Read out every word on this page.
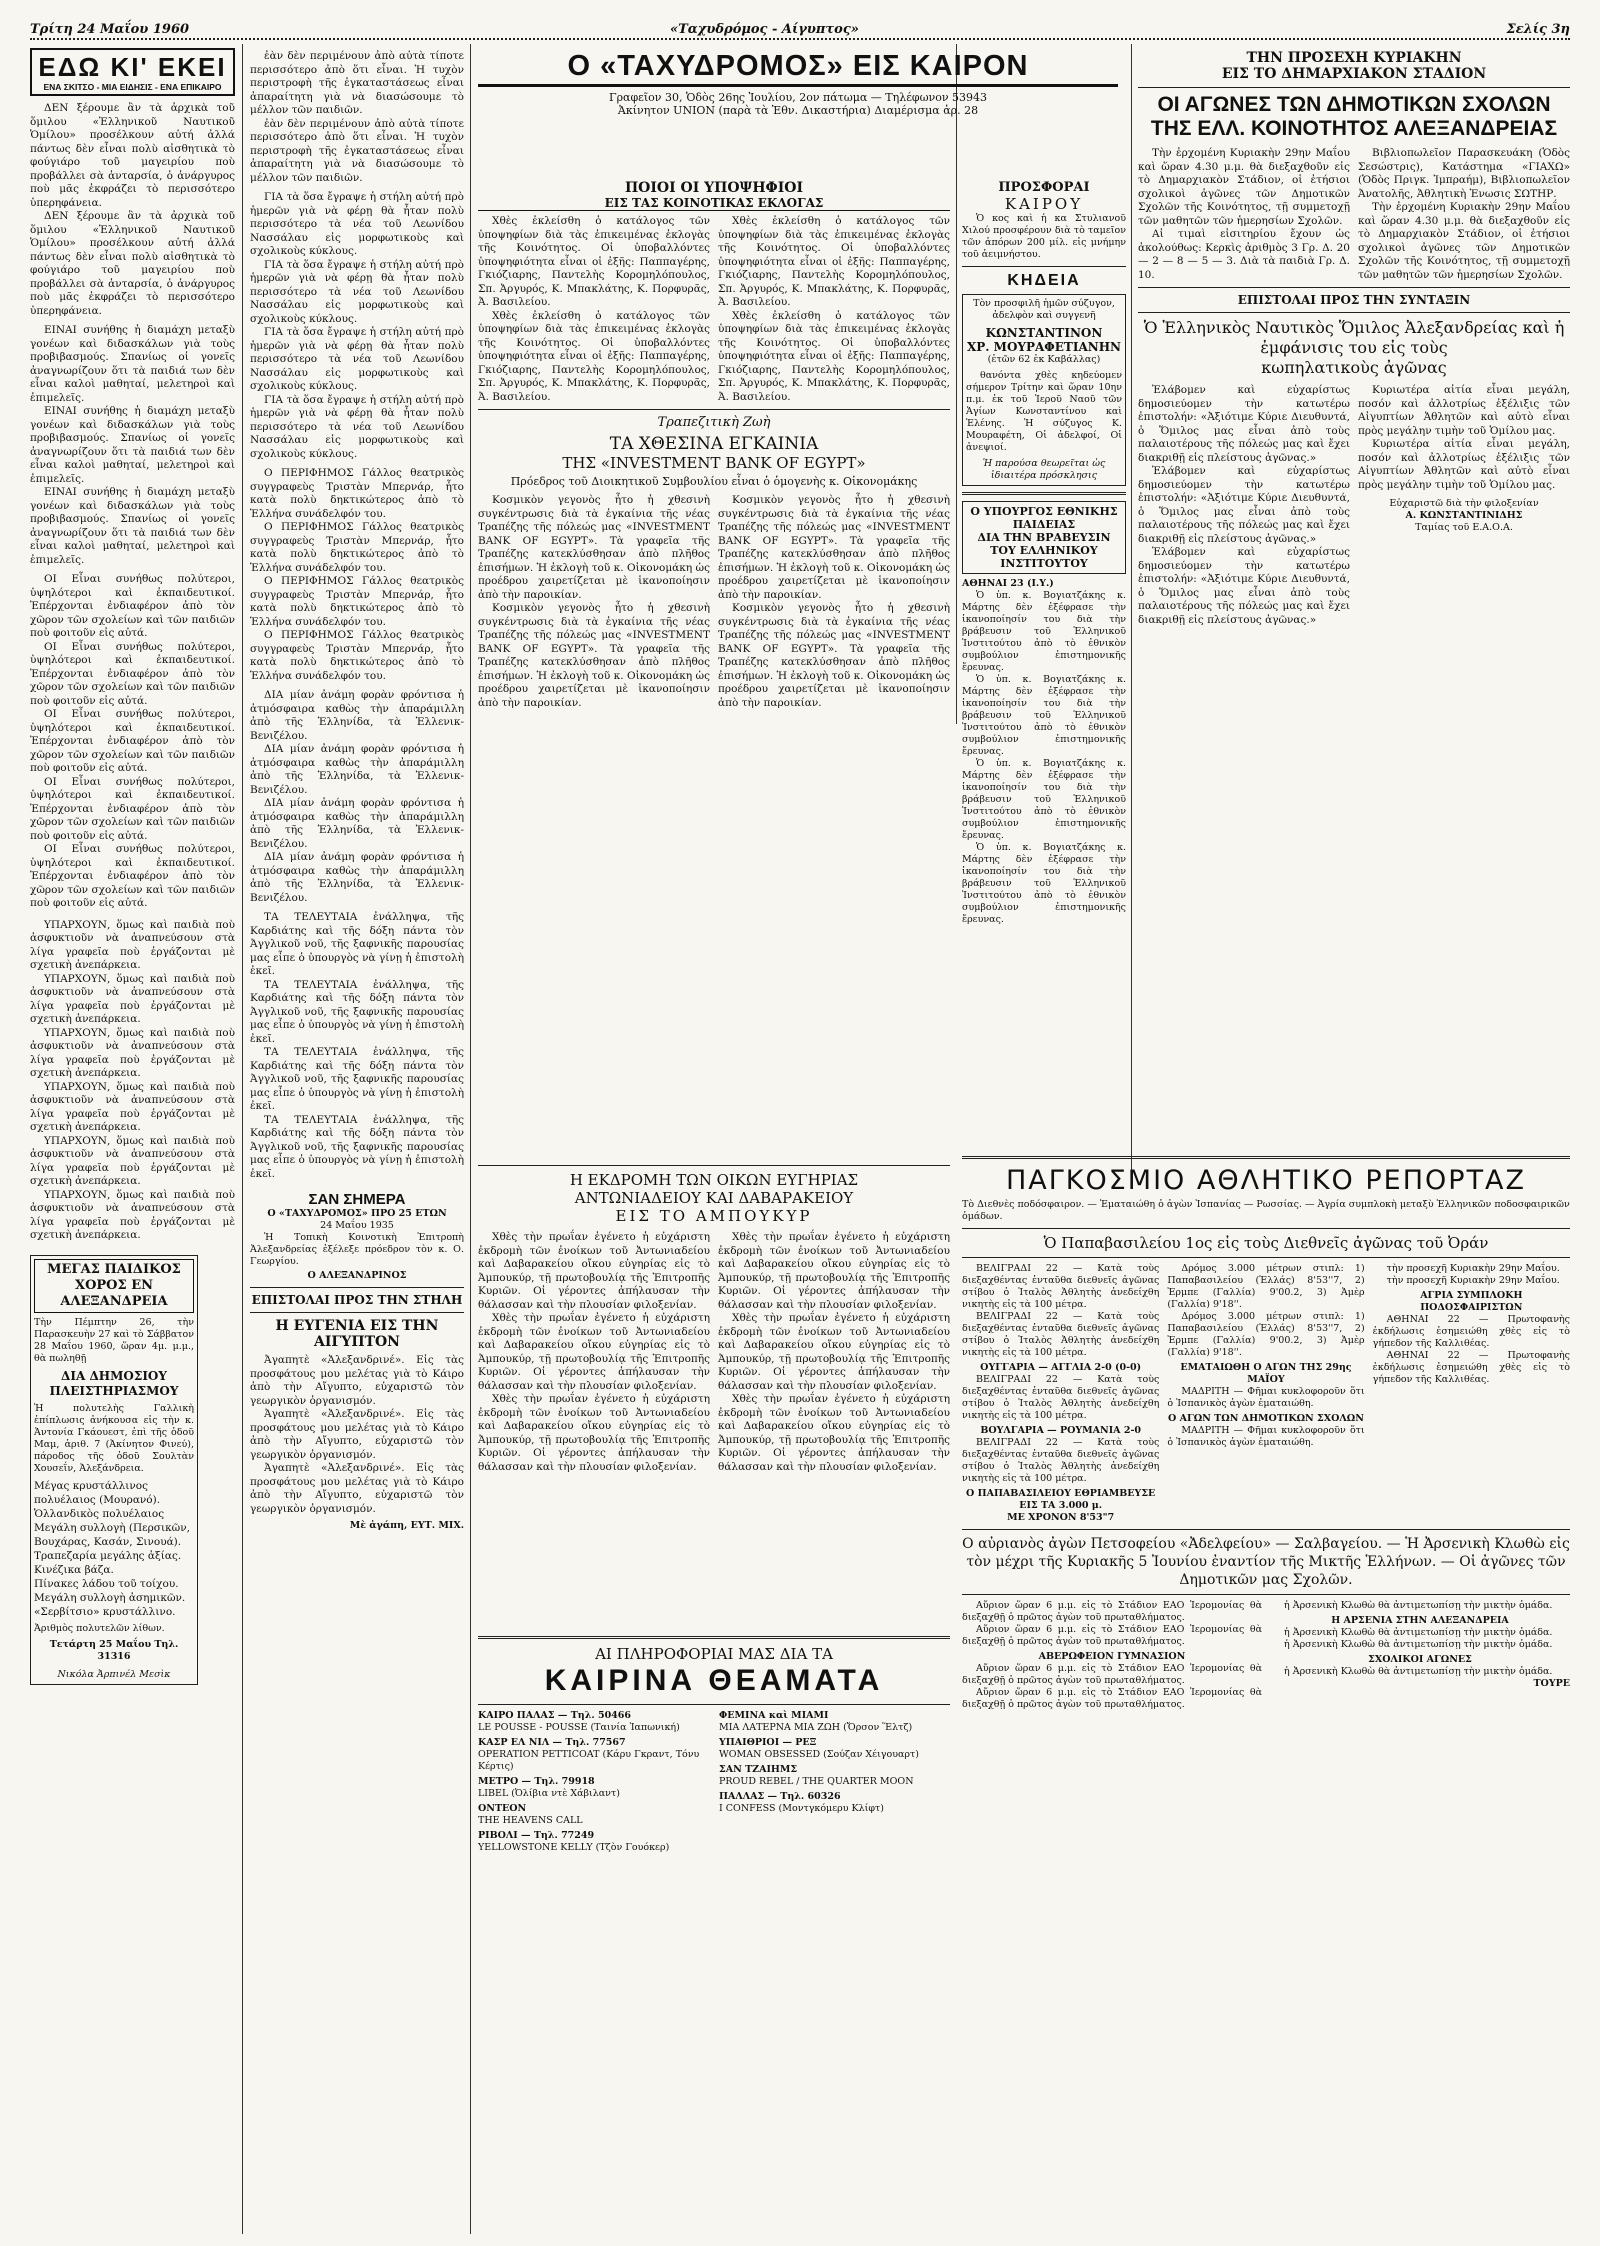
Τρίτη 24 Μαΐου 1960	«Ταχυδρόμος - Αίγυπτος»	Σελίς 3η
ΕΔΩ ΚΙ' ΕΚΕΙ
ΕΝΑ ΣΚΙΤΣΟ - ΜΙΑ ΕΙΔΗΣΙΣ - ΕΝΑ ΕΠΙΚΑΙΡΟ

ΔΕΝ ξέρουμε ἂν τὰ ἀρχικὰ τοῦ ὅμιλου «Ἑλληνικοῦ Ναυτικοῦ Ὁμίλου» προσέλκουν αὐτή ἀλλά πάντως δὲν εἶναι πολὺ αἰσθητικὰ τὸ φούγιάρο τοῦ μαγειρίου ποὺ προβάλλει σὰ ἀνταρσία, ὁ ἀνάργυρος ποὺ μᾶς ἐκφράζει τὸ περισσότερο ὑπερηφάνεια.

ΔΕΝ ξέρουμε ἂν τὰ ἀρχικὰ τοῦ ὅμιλου «Ἑλληνικοῦ Ναυτικοῦ Ὁμίλου» προσέλκουν αὐτή ἀλλά πάντως δὲν εἶναι πολὺ αἰσθητικὰ τὸ φούγιάρο τοῦ μαγειρίου ποὺ προβάλλει σὰ ἀνταρσία, ὁ ἀνάργυρος ποὺ μᾶς ἐκφράζει τὸ περισσότερο ὑπερηφάνεια.

ΕΙΝΑΙ συνήθης ἡ διαμάχη μεταξὺ γονέων καὶ διδασκάλων γιὰ τοὺς προβιβασμούς. Σπανίως οἱ γονεῖς ἀναγνωρίζουν ὅτι τὰ παιδιά των δὲν εἶναι καλοὶ μαθηταί, μελετηροὶ καὶ ἐπιμελεῖς.

ΕΙΝΑΙ συνήθης ἡ διαμάχη μεταξὺ γονέων καὶ διδασκάλων γιὰ τοὺς προβιβασμούς. Σπανίως οἱ γονεῖς ἀναγνωρίζουν ὅτι τὰ παιδιά των δὲν εἶναι καλοὶ μαθηταί, μελετηροὶ καὶ ἐπιμελεῖς.

ΕΙΝΑΙ συνήθης ἡ διαμάχη μεταξὺ γονέων καὶ διδασκάλων γιὰ τοὺς προβιβασμούς. Σπανίως οἱ γονεῖς ἀναγνωρίζουν ὅτι τὰ παιδιά των δὲν εἶναι καλοὶ μαθηταί, μελετηροὶ καὶ ἐπιμελεῖς.

ΟΙ Εἶναι συνήθως πολύτεροι, ὑψηλότεροι καὶ ἐκπαιδευτικοί. Ἐπέρχονται ἐνδιαφέρον ἀπὸ τὸν χῶρον τῶν σχολείων καὶ τῶν παιδιῶν ποὺ φοιτοῦν εἰς αὐτά.

ΟΙ Εἶναι συνήθως πολύτεροι, ὑψηλότεροι καὶ ἐκπαιδευτικοί. Ἐπέρχονται ἐνδιαφέρον ἀπὸ τὸν χῶρον τῶν σχολείων καὶ τῶν παιδιῶν ποὺ φοιτοῦν εἰς αὐτά.

ΟΙ Εἶναι συνήθως πολύτεροι, ὑψηλότεροι καὶ ἐκπαιδευτικοί. Ἐπέρχονται ἐνδιαφέρον ἀπὸ τὸν χῶρον τῶν σχολείων καὶ τῶν παιδιῶν ποὺ φοιτοῦν εἰς αὐτά.

ΟΙ Εἶναι συνήθως πολύτεροι, ὑψηλότεροι καὶ ἐκπαιδευτικοί. Ἐπέρχονται ἐνδιαφέρον ἀπὸ τὸν χῶρον τῶν σχολείων καὶ τῶν παιδιῶν ποὺ φοιτοῦν εἰς αὐτά.

ΟΙ Εἶναι συνήθως πολύτεροι, ὑψηλότεροι καὶ ἐκπαιδευτικοί. Ἐπέρχονται ἐνδιαφέρον ἀπὸ τὸν χῶρον τῶν σχολείων καὶ τῶν παιδιῶν ποὺ φοιτοῦν εἰς αὐτά.

ΥΠΑΡΧΟΥΝ, ὅμως καὶ παιδιὰ ποὺ ἀσφυκτιοῦν νὰ ἀναπνεύσουν στὰ λίγα γραφεῖα ποὺ ἐργάζονται μὲ σχετικὴ ἀνεπάρκεια.

ΥΠΑΡΧΟΥΝ, ὅμως καὶ παιδιὰ ποὺ ἀσφυκτιοῦν νὰ ἀναπνεύσουν στὰ λίγα γραφεῖα ποὺ ἐργάζονται μὲ σχετικὴ ἀνεπάρκεια.

ΥΠΑΡΧΟΥΝ, ὅμως καὶ παιδιὰ ποὺ ἀσφυκτιοῦν νὰ ἀναπνεύσουν στὰ λίγα γραφεῖα ποὺ ἐργάζονται μὲ σχετικὴ ἀνεπάρκεια.

ΥΠΑΡΧΟΥΝ, ὅμως καὶ παιδιὰ ποὺ ἀσφυκτιοῦν νὰ ἀναπνεύσουν στὰ λίγα γραφεῖα ποὺ ἐργάζονται μὲ σχετικὴ ἀνεπάρκεια.

ΥΠΑΡΧΟΥΝ, ὅμως καὶ παιδιὰ ποὺ ἀσφυκτιοῦν νὰ ἀναπνεύσουν στὰ λίγα γραφεῖα ποὺ ἐργάζονται μὲ σχετικὴ ἀνεπάρκεια.

ΥΠΑΡΧΟΥΝ, ὅμως καὶ παιδιὰ ποὺ ἀσφυκτιοῦν νὰ ἀναπνεύσουν στὰ λίγα γραφεῖα ποὺ ἐργάζονται μὲ σχετικὴ ἀνεπάρκεια.

ΜΕΓΑΣ ΠΑΙΔΙΚΟΣ ΧΟΡΟΣ ΕΝ ΑΛΕΞΑΝΔΡΕΙΑ

Τὴν Πέμπτην 26, τὴν Παρασκευὴν 27 καὶ τὸ Σάββατον 28 Μαΐου 1960, ὥραν 4μ. μ.μ., θὰ πωληθῇ

ΔΙΑ ΔΗΜΟΣΙΟΥ ΠΛΕΙΣΤΗΡΙΑΣΜΟΥ

Ἡ πολυτελὴς Γαλλικὴ ἐπίπλωσις ἀνήκουσα εἰς τὴν κ. Ἀντονία Γκάουεστ, ἐπὶ τῆς ὁδοῦ Μαμ, ἀριθ. 7 (Ἀκίνητον Φινεύ), πάροδος τῆς ὁδοῦ Σουλτὰν Χουσεΐν, Ἀλεξάνδρεια.

Μέγας κρυστάλλινος πολυέλαιος (Μουρανό).
Ὁλλανδικὸς πολυέλαιος
Μεγάλη συλλογὴ (Περσικῶν, Βουχάρας, Κασάν, Σινουά).
Τραπεζαρία μεγάλης ἀξίας.
Κινέζικα βάζα.
Πίνακες λάδου τοῦ τοίχου.
Μεγάλη συλλογὴ ἀσημικῶν.
«Σερβίτσιο» κρυστάλλινο.
Ἀριθμὸς πολυτελῶν λίθων.
Τετάρτη 25 Μαΐου Τηλ. 31316
Νικόλα Ἀρπινέλ Μεσὶκ

ἐὰν δὲν περιμένουν ἀπὸ αὐτὰ τίποτε περισσότερο ἀπὸ ὅτι εἶναι. Ἡ τυχὸν περιστροφὴ τῆς ἐγκαταστάσεως εἶναι ἀπαραίτητη γιὰ νὰ διασώσουμε τὸ μέλλον τῶν παιδιῶν.

ἐὰν δὲν περιμένουν ἀπὸ αὐτὰ τίποτε περισσότερο ἀπὸ ὅτι εἶναι. Ἡ τυχὸν περιστροφὴ τῆς ἐγκαταστάσεως εἶναι ἀπαραίτητη γιὰ νὰ διασώσουμε τὸ μέλλον τῶν παιδιῶν.

ΓΙΑ τὰ ὅσα ἔγραψε ἡ στήλη αὐτή πρὸ ἡμερῶν γιὰ νὰ φέρῃ θὰ ἦταν πολὺ περισσότερο τὰ νέα τοῦ Λεωνίδου Νασσάλαυ εἰς μορφωτικοὺς καὶ σχολικοὺς κύκλους.

ΓΙΑ τὰ ὅσα ἔγραψε ἡ στήλη αὐτή πρὸ ἡμερῶν γιὰ νὰ φέρῃ θὰ ἦταν πολὺ περισσότερο τὰ νέα τοῦ Λεωνίδου Νασσάλαυ εἰς μορφωτικοὺς καὶ σχολικοὺς κύκλους.

ΓΙΑ τὰ ὅσα ἔγραψε ἡ στήλη αὐτή πρὸ ἡμερῶν γιὰ νὰ φέρῃ θὰ ἦταν πολὺ περισσότερο τὰ νέα τοῦ Λεωνίδου Νασσάλαυ εἰς μορφωτικοὺς καὶ σχολικοὺς κύκλους.

ΓΙΑ τὰ ὅσα ἔγραψε ἡ στήλη αὐτή πρὸ ἡμερῶν γιὰ νὰ φέρῃ θὰ ἦταν πολὺ περισσότερο τὰ νέα τοῦ Λεωνίδου Νασσάλαυ εἰς μορφωτικοὺς καὶ σχολικοὺς κύκλους.

Ο ΠΕΡΙΦΗΜΟΣ Γάλλος θεατρικὸς συγγραφεὺς Τριστὰν Μπερνάρ, ἦτο κατὰ πολὺ δηκτικώτερος ἀπὸ τὸ Ἑλλήνα συνάδελφόν του.

Ο ΠΕΡΙΦΗΜΟΣ Γάλλος θεατρικὸς συγγραφεὺς Τριστὰν Μπερνάρ, ἦτο κατὰ πολὺ δηκτικώτερος ἀπὸ τὸ Ἑλλήνα συνάδελφόν του.

Ο ΠΕΡΙΦΗΜΟΣ Γάλλος θεατρικὸς συγγραφεὺς Τριστὰν Μπερνάρ, ἦτο κατὰ πολὺ δηκτικώτερος ἀπὸ τὸ Ἑλλήνα συνάδελφόν του.

Ο ΠΕΡΙΦΗΜΟΣ Γάλλος θεατρικὸς συγγραφεὺς Τριστὰν Μπερνάρ, ἦτο κατὰ πολὺ δηκτικώτερος ἀπὸ τὸ Ἑλλήνα συνάδελφόν του.

ΔΙΑ μίαν ἀνάμη φορὰν φρόντισα ἡ ἀτμόσφαιρα καθὼς τὴν ἀπαράμιλλη ἀπὸ τῆς Ἑλληνίδα, τὰ Ἑλλενικ-Βενιζέλου.

ΔΙΑ μίαν ἀνάμη φορὰν φρόντισα ἡ ἀτμόσφαιρα καθὼς τὴν ἀπαράμιλλη ἀπὸ τῆς Ἑλληνίδα, τὰ Ἑλλενικ-Βενιζέλου.

ΔΙΑ μίαν ἀνάμη φορὰν φρόντισα ἡ ἀτμόσφαιρα καθὼς τὴν ἀπαράμιλλη ἀπὸ τῆς Ἑλληνίδα, τὰ Ἑλλενικ-Βενιζέλου.

ΔΙΑ μίαν ἀνάμη φορὰν φρόντισα ἡ ἀτμόσφαιρα καθὼς τὴν ἀπαράμιλλη ἀπὸ τῆς Ἑλληνίδα, τὰ Ἑλλενικ-Βενιζέλου.

ΤΑ ΤΕΛΕΥΤΑΙΑ ἐνάλληψα, τῆς Καρδιάτης καὶ τῆς δόξη πάντα τὸν Ἀγγλικοῦ νοῦ, τῆς ξαφνικῆς παρουσίας μας εἶπε ὁ ὑπουργὸς νὰ γίνῃ ἡ ἐπιστολὴ ἐκεῖ.

ΤΑ ΤΕΛΕΥΤΑΙΑ ἐνάλληψα, τῆς Καρδιάτης καὶ τῆς δόξη πάντα τὸν Ἀγγλικοῦ νοῦ, τῆς ξαφνικῆς παρουσίας μας εἶπε ὁ ὑπουργὸς νὰ γίνῃ ἡ ἐπιστολὴ ἐκεῖ.

ΤΑ ΤΕΛΕΥΤΑΙΑ ἐνάλληψα, τῆς Καρδιάτης καὶ τῆς δόξη πάντα τὸν Ἀγγλικοῦ νοῦ, τῆς ξαφνικῆς παρουσίας μας εἶπε ὁ ὑπουργὸς νὰ γίνῃ ἡ ἐπιστολὴ ἐκεῖ.

ΤΑ ΤΕΛΕΥΤΑΙΑ ἐνάλληψα, τῆς Καρδιάτης καὶ τῆς δόξη πάντα τὸν Ἀγγλικοῦ νοῦ, τῆς ξαφνικῆς παρουσίας μας εἶπε ὁ ὑπουργὸς νὰ γίνῃ ἡ ἐπιστολὴ ἐκεῖ.

ΣΑΝ ΣΗΜΕΡΑ
Ο «ΤΑΧΥΔΡΟΜΟΣ» ΠΡΟ 25 ΕΤΩΝ
24 Μαΐου 1935

Ἡ Τοπικὴ Κοινοτικὴ Ἐπιτροπὴ Ἀλεξανδρείας ἐξέλεξε πρόεδρον τὸν κ. Ο. Γεωργίου.

Ο ΑΛΕΞΑΝΔΡΙΝΟΣ
ΕΠΙΣΤΟΛΑΙ ΠΡΟΣ ΤΗΝ ΣΤΗΛΗ
Η ΕΥΓΕΝΙΑ ΕΙΣ ΤΗΝ ΑΙΓΥΠΤΟΝ

Ἀγαπητὲ «Ἀλεξανδρινέ». Εἰς τὰς προσφάτους μου μελέτας γιὰ τὸ Κάιρο ἀπὸ τὴν Αἴγυπτο, εὐχαριστῶ τὸν γεωργικὸν ὀργανισμόν.

Ἀγαπητὲ «Ἀλεξανδρινέ». Εἰς τὰς προσφάτους μου μελέτας γιὰ τὸ Κάιρο ἀπὸ τὴν Αἴγυπτο, εὐχαριστῶ τὸν γεωργικὸν ὀργανισμόν.

Ἀγαπητὲ «Ἀλεξανδρινέ». Εἰς τὰς προσφάτους μου μελέτας γιὰ τὸ Κάιρο ἀπὸ τὴν Αἴγυπτο, εὐχαριστῶ τὸν γεωργικὸν ὀργανισμόν.

Μὲ ἀγάπη, ΕΥΤ. ΜΙΧ.
Ο «ΤΑΧΥΔΡΟΜΟΣ» ΕΙΣ ΚΑΙΡΟΝ
Γραφεῖον 30, Ὁδὸς 26ης Ἰουλίου, 2ον πάτωμα — Τηλέφωνον 53943
Ἀκίνητον UNION (παρὰ τὰ Ἐθν. Δικαστήρια) Διαμέρισμα ἀρ. 28
ΠΟΙΟΙ ΟΙ ΥΠΟΨΗΦΙΟΙ
ΕΙΣ ΤΑΣ ΚΟΙΝΟΤΙΚΑΣ ΕΚΛΟΓΑΣ

Χθὲς ἐκλείσθη ὁ κατάλογος τῶν ὑποψηφίων διὰ τὰς ἐπικειμένας ἐκλογὰς τῆς Κοινότητος. Οἱ ὑποβαλλόντες ὑποψηφιότητα εἶναι οἱ ἐξῆς: Παππαγέρης, Γκιόζιαρης, Παντελὴς Κορομηλόπουλος, Σπ. Ἀργυρός, Κ. Μπακλάτης, Κ. Πορφυρᾶς, Ἀ. Βασιλείου.

Χθὲς ἐκλείσθη ὁ κατάλογος τῶν ὑποψηφίων διὰ τὰς ἐπικειμένας ἐκλογὰς τῆς Κοινότητος. Οἱ ὑποβαλλόντες ὑποψηφιότητα εἶναι οἱ ἐξῆς: Παππαγέρης, Γκιόζιαρης, Παντελὴς Κορομηλόπουλος, Σπ. Ἀργυρός, Κ. Μπακλάτης, Κ. Πορφυρᾶς, Ἀ. Βασιλείου.

Χθὲς ἐκλείσθη ὁ κατάλογος τῶν ὑποψηφίων διὰ τὰς ἐπικειμένας ἐκλογὰς τῆς Κοινότητος. Οἱ ὑποβαλλόντες ὑποψηφιότητα εἶναι οἱ ἐξῆς: Παππαγέρης, Γκιόζιαρης, Παντελὴς Κορομηλόπουλος, Σπ. Ἀργυρός, Κ. Μπακλάτης, Κ. Πορφυρᾶς, Ἀ. Βασιλείου.

Χθὲς ἐκλείσθη ὁ κατάλογος τῶν ὑποψηφίων διὰ τὰς ἐπικειμένας ἐκλογὰς τῆς Κοινότητος. Οἱ ὑποβαλλόντες ὑποψηφιότητα εἶναι οἱ ἐξῆς: Παππαγέρης, Γκιόζιαρης, Παντελὴς Κορομηλόπουλος, Σπ. Ἀργυρός, Κ. Μπακλάτης, Κ. Πορφυρᾶς, Ἀ. Βασιλείου.

Τραπεζιτικὴ Ζωὴ
ΤΑ ΧΘΕΣΙΝΑ ΕΓΚΑΙΝΙΑ
ΤΗΣ «INVESTMENT BANK OF EGYPT»
Πρόεδρος τοῦ Διοικητικοῦ Συμβουλίου εἶναι ὁ ὁμογενὴς κ. Οἰκονομάκης

Κοσμικὸν γεγονὸς ἦτο ἡ χθεσινὴ συγκέντρωσις διὰ τὰ ἐγκαίνια τῆς νέας Τραπέζης τῆς πόλεώς μας «INVESTMENT BANK OF EGYPT». Τὰ γραφεῖα τῆς Τραπέζης κατεκλύσθησαν ἀπὸ πλῆθος ἐπισήμων. Ἡ ἐκλογὴ τοῦ κ. Οἰκονομάκη ὡς προέδρου χαιρετίζεται μὲ ἱκανοποίησιν ἀπὸ τὴν παροικίαν.

Κοσμικὸν γεγονὸς ἦτο ἡ χθεσινὴ συγκέντρωσις διὰ τὰ ἐγκαίνια τῆς νέας Τραπέζης τῆς πόλεώς μας «INVESTMENT BANK OF EGYPT». Τὰ γραφεῖα τῆς Τραπέζης κατεκλύσθησαν ἀπὸ πλῆθος ἐπισήμων. Ἡ ἐκλογὴ τοῦ κ. Οἰκονομάκη ὡς προέδρου χαιρετίζεται μὲ ἱκανοποίησιν ἀπὸ τὴν παροικίαν.

Κοσμικὸν γεγονὸς ἦτο ἡ χθεσινὴ συγκέντρωσις διὰ τὰ ἐγκαίνια τῆς νέας Τραπέζης τῆς πόλεώς μας «INVESTMENT BANK OF EGYPT». Τὰ γραφεῖα τῆς Τραπέζης κατεκλύσθησαν ἀπὸ πλῆθος ἐπισήμων. Ἡ ἐκλογὴ τοῦ κ. Οἰκονομάκη ὡς προέδρου χαιρετίζεται μὲ ἱκανοποίησιν ἀπὸ τὴν παροικίαν.

Κοσμικὸν γεγονὸς ἦτο ἡ χθεσινὴ συγκέντρωσις διὰ τὰ ἐγκαίνια τῆς νέας Τραπέζης τῆς πόλεώς μας «INVESTMENT BANK OF EGYPT». Τὰ γραφεῖα τῆς Τραπέζης κατεκλύσθησαν ἀπὸ πλῆθος ἐπισήμων. Ἡ ἐκλογὴ τοῦ κ. Οἰκονομάκη ὡς προέδρου χαιρετίζεται μὲ ἱκανοποίησιν ἀπὸ τὴν παροικίαν.

ΠΡΟΣΦΟΡΑΙ
ΚΑΙΡΟΥ

Ὁ κος καὶ ἡ κα Στυλιανοῦ Χιλού προσφέρουν διὰ τὸ ταμεῖον τῶν ἀπόρων 200 μίλ. εἰς μνήμην τοῦ ἀειμνήστου.

ΚΗΔΕΙΑ
Τὸν προσφιλῆ ἡμῶν σύζυγον, ἀδελφὸν καὶ συγγενῆ
ΚΩΝΣΤΑΝΤΙΝΟΝ
ΧΡ. ΜΟΥΡΑΦΕΤΙΑΝΗΝ
(ἐτῶν 62 ἐκ Καβάλλας)

θανόντα χθὲς κηδεύομεν σήμερον Τρίτην καὶ ὥραν 10ην π.μ. ἐκ τοῦ Ἱεροῦ Ναοῦ τῶν Ἁγίων Κωνσταντίνου καὶ Ἑλένης. Ἡ σύζυγος Κ. Μουραφέτη, Οἱ ἀδελφοί, Οἱ ἀνεψιοί.

Ἡ παρούσα θεωρεῖται ὡς ἰδιαιτέρα πρόσκλησις
Ο ΥΠΟΥΡΓΟΣ ΕΘΝΙΚΗΣ ΠΑΙΔΕΙΑΣ
ΔΙΑ ΤΗΝ ΒΡΑΒΕΥΣΙΝ
ΤΟΥ ΕΛΛΗΝΙΚΟΥ ΙΝΣΤΙΤΟΥΤΟΥ
ΑΘΗΝΑΙ 23 (Ι.Υ.)

Ὁ ὑπ. κ. Βογιατζάκης κ. Μάρτης δὲν ἐξέφρασε τὴν ἱκανοποίησίν του διὰ τὴν βράβευσιν τοῦ Ἑλληνικοῦ Ἰνστιτούτου ἀπὸ τὸ ἐθνικὸν συμβούλιον ἐπιστημονικῆς ἔρευνας.

Ὁ ὑπ. κ. Βογιατζάκης κ. Μάρτης δὲν ἐξέφρασε τὴν ἱκανοποίησίν του διὰ τὴν βράβευσιν τοῦ Ἑλληνικοῦ Ἰνστιτούτου ἀπὸ τὸ ἐθνικὸν συμβούλιον ἐπιστημονικῆς ἔρευνας.

Ὁ ὑπ. κ. Βογιατζάκης κ. Μάρτης δὲν ἐξέφρασε τὴν ἱκανοποίησίν του διὰ τὴν βράβευσιν τοῦ Ἑλληνικοῦ Ἰνστιτούτου ἀπὸ τὸ ἐθνικὸν συμβούλιον ἐπιστημονικῆς ἔρευνας.

Ὁ ὑπ. κ. Βογιατζάκης κ. Μάρτης δὲν ἐξέφρασε τὴν ἱκανοποίησίν του διὰ τὴν βράβευσιν τοῦ Ἑλληνικοῦ Ἰνστιτούτου ἀπὸ τὸ ἐθνικὸν συμβούλιον ἐπιστημονικῆς ἔρευνας.

Η ΕΚΔΡΟΜΗ ΤΩΝ ΟΙΚΩΝ ΕΥΓΗΡΙΑΣ
ΑΝΤΩΝΙΑΔΕΙΟΥ ΚΑΙ ΔΑΒΑΡΑΚΕΙΟΥ
ΕΙΣ ΤΟ ΑΜΠΟΥΚΥΡ

Χθὲς τὴν πρωΐαν ἐγένετο ἡ εὐχάριστη ἐκδρομὴ τῶν ἐνοίκων τοῦ Ἀντωνιαδείου καὶ Δαβαρακείου οἴκου εὐγηρίας εἰς τὸ Ἀμπουκύρ, τῇ πρωτοβουλίᾳ τῆς Ἐπιτροπῆς Κυριῶν. Οἱ γέροντες ἀπήλαυσαν τὴν θάλασσαν καὶ τὴν πλουσίαν φιλοξενίαν.

Χθὲς τὴν πρωΐαν ἐγένετο ἡ εὐχάριστη ἐκδρομὴ τῶν ἐνοίκων τοῦ Ἀντωνιαδείου καὶ Δαβαρακείου οἴκου εὐγηρίας εἰς τὸ Ἀμπουκύρ, τῇ πρωτοβουλίᾳ τῆς Ἐπιτροπῆς Κυριῶν. Οἱ γέροντες ἀπήλαυσαν τὴν θάλασσαν καὶ τὴν πλουσίαν φιλοξενίαν.

Χθὲς τὴν πρωΐαν ἐγένετο ἡ εὐχάριστη ἐκδρομὴ τῶν ἐνοίκων τοῦ Ἀντωνιαδείου καὶ Δαβαρακείου οἴκου εὐγηρίας εἰς τὸ Ἀμπουκύρ, τῇ πρωτοβουλίᾳ τῆς Ἐπιτροπῆς Κυριῶν. Οἱ γέροντες ἀπήλαυσαν τὴν θάλασσαν καὶ τὴν πλουσίαν φιλοξενίαν.

Χθὲς τὴν πρωΐαν ἐγένετο ἡ εὐχάριστη ἐκδρομὴ τῶν ἐνοίκων τοῦ Ἀντωνιαδείου καὶ Δαβαρακείου οἴκου εὐγηρίας εἰς τὸ Ἀμπουκύρ, τῇ πρωτοβουλίᾳ τῆς Ἐπιτροπῆς Κυριῶν. Οἱ γέροντες ἀπήλαυσαν τὴν θάλασσαν καὶ τὴν πλουσίαν φιλοξενίαν.

Χθὲς τὴν πρωΐαν ἐγένετο ἡ εὐχάριστη ἐκδρομὴ τῶν ἐνοίκων τοῦ Ἀντωνιαδείου καὶ Δαβαρακείου οἴκου εὐγηρίας εἰς τὸ Ἀμπουκύρ, τῇ πρωτοβουλίᾳ τῆς Ἐπιτροπῆς Κυριῶν. Οἱ γέροντες ἀπήλαυσαν τὴν θάλασσαν καὶ τὴν πλουσίαν φιλοξενίαν.

Χθὲς τὴν πρωΐαν ἐγένετο ἡ εὐχάριστη ἐκδρομὴ τῶν ἐνοίκων τοῦ Ἀντωνιαδείου καὶ Δαβαρακείου οἴκου εὐγηρίας εἰς τὸ Ἀμπουκύρ, τῇ πρωτοβουλίᾳ τῆς Ἐπιτροπῆς Κυριῶν. Οἱ γέροντες ἀπήλαυσαν τὴν θάλασσαν καὶ τὴν πλουσίαν φιλοξενίαν.

ΑΙ ΠΛΗΡΟΦΟΡΙΑΙ ΜΑΣ ΔΙΑ ΤΑ
ΚΑΙΡΙΝΑ ΘΕΑΜΑΤΑ
ΚΑΙΡΟ ΠΑΛΑΣ — Τηλ. 50466
LE POUSSE - POUSSE (Ταινία Ἰαπωνική)
ΚΑΣΡ ΕΛ ΝΙΛ — Τηλ. 77567
OPERATION PETTICOAT (Κάρυ Γκραντ, Τόνυ Κέρτις)
ΜΕΤΡΟ — Τηλ. 79918
LIBEL (Ὀλίβια ντὲ Χάβιλαντ)
ΟΝΤΕΟΝ
THE HEAVENS CALL
ΡΙΒΟΛΙ — Τηλ. 77249
YELLOWSTONE KELLY (Τζὸν Γουόκερ)
ΦΕΜΙΝΑ καὶ ΜΙΑΜΙ
ΜΙΑ ΛΑΤΕΡΝΑ ΜΙΑ ΖΩΗ (Ὄρσον Ἕλτζ)
ΥΠΑΙΘΡΙΟΙ — ΡΕΞ
WOMAN OBSESSED (Σούζαν Χέιγουαρτ)
ΣΑΝ ΤΖΑΙΗΜΣ
PROUD REBEL / THE QUARTER MOON
ΠΑΛΛΑΣ — Τηλ. 60326
I CONFESS (Μοντγκόμερυ Κλίφτ)
ΤΗΝ ΠΡΟΣΕΧΗ ΚΥΡΙΑΚΗΝ
ΕΙΣ ΤΟ ΔΗΜΑΡΧΙΑΚΟΝ ΣΤΑΔΙΟΝ
ΟΙ ΑΓΩΝΕΣ ΤΩΝ ΔΗΜΟΤΙΚΩΝ ΣΧΟΛΩΝ
ΤΗΣ ΕΛΛ. ΚΟΙΝΟΤΗΤΟΣ ΑΛΕΞΑΝΔΡΕΙΑΣ

Τὴν ἐρχομένη Κυριακὴν 29ην Μαΐου καὶ ὥραν 4.30 μ.μ. θὰ διεξαχθοῦν εἰς τὸ Δημαρχιακὸν Στάδιον, οἱ ἐτήσιοι σχολικοὶ ἀγῶνες τῶν Δημοτικῶν Σχολῶν τῆς Κοινότητος, τῇ συμμετοχῇ τῶν μαθητῶν τῶν ἡμερησίων Σχολῶν.

Αἱ τιμαὶ εἰσιτηρίου ἔχουν ὡς ἀκολούθως: Κερκὶς ἀριθμὸς 3 Γρ. Δ. 20 — 2 — 8 — 5 — 3. Διὰ τὰ παιδιὰ Γρ. Δ. 10.

Βιβλιοπωλεῖον Παρασκευάκη (Ὁδὸς Σεσώστρις), Κατάστημα «ΓΙΑΧΩ» (Ὁδὸς Πριγκ. Ἰμπραήμ), Βιβλιοπωλεῖον Ἀνατολῆς, Ἀθλητικὴ Ἑνωσις ΣΩΤΗΡ.

Τὴν ἐρχομένη Κυριακὴν 29ην Μαΐου καὶ ὥραν 4.30 μ.μ. θὰ διεξαχθοῦν εἰς τὸ Δημαρχιακὸν Στάδιον, οἱ ἐτήσιοι σχολικοὶ ἀγῶνες τῶν Δημοτικῶν Σχολῶν τῆς Κοινότητος, τῇ συμμετοχῇ τῶν μαθητῶν τῶν ἡμερησίων Σχολῶν.

ΕΠΙΣΤΟΛΑΙ ΠΡΟΣ ΤΗΝ ΣΥΝΤΑΞΙΝ
Ὁ Ἑλληνικὸς Ναυτικὸς Ὅμιλος Ἀλεξανδρείας καὶ ἡ ἐμφάνισις του εἰς τοὺς
κωπηλατικοὺς ἀγῶνας

Ἐλάβομεν καὶ εὐχαρίστως δημοσιεύομεν τὴν κατωτέρω ἐπιστολήν: «Ἀξιότιμε Κύριε Διευθυντά, ὁ Ὅμιλος μας εἶναι ἀπὸ τοὺς παλαιοτέρους τῆς πόλεώς μας καὶ ἔχει διακριθῇ εἰς πλείστους ἀγῶνας.»

Ἐλάβομεν καὶ εὐχαρίστως δημοσιεύομεν τὴν κατωτέρω ἐπιστολήν: «Ἀξιότιμε Κύριε Διευθυντά, ὁ Ὅμιλος μας εἶναι ἀπὸ τοὺς παλαιοτέρους τῆς πόλεώς μας καὶ ἔχει διακριθῇ εἰς πλείστους ἀγῶνας.»

Ἐλάβομεν καὶ εὐχαρίστως δημοσιεύομεν τὴν κατωτέρω ἐπιστολήν: «Ἀξιότιμε Κύριε Διευθυντά, ὁ Ὅμιλος μας εἶναι ἀπὸ τοὺς παλαιοτέρους τῆς πόλεώς μας καὶ ἔχει διακριθῇ εἰς πλείστους ἀγῶνας.»

Κυριωτέρα αἰτία εἶναι μεγάλη, ποσόν καὶ ἀλλοτρίως ἐξέλιξις τῶν Αἰγυπτίων Ἀθλητῶν καὶ αὐτὸ εἶναι πρὸς μεγάλην τιμὴν τοῦ Ὁμίλου μας.

Κυριωτέρα αἰτία εἶναι μεγάλη, ποσόν καὶ ἀλλοτρίως ἐξέλιξις τῶν Αἰγυπτίων Ἀθλητῶν καὶ αὐτὸ εἶναι πρὸς μεγάλην τιμὴν τοῦ Ὁμίλου μας.

Εὐχαριστῶ διὰ τὴν φιλοξενίαν
Α. ΚΩΝΣΤΑΝΤΙΝΙΔΗΣ
Ταμίας τοῦ Ε.Α.Ο.Α.
ΠΑΓΚΟΣΜΙΟ ΑΘΛΗΤΙΚΟ ΡΕΠΟΡΤΑΖ
Τὸ Διεθνὲς ποδόσφαιρον. — Ἐματαιώθη ὁ ἀγὼν Ἰσπανίας — Ρωσσίας. — Ἀγρία συμπλοκὴ μεταξὺ Ἑλληνικῶν ποδοσφαιρικῶν ὁμάδων.
Ὁ Παπαβασιλείου 1ος εἰς τοὺς Διεθνεῖς ἀγῶνας τοῦ Ὀράν

ΒΕΛΙΓΡΑΔΙ 22 — Κατὰ τοὺς διεξαχθέντας ἐνταῦθα διεθνεῖς ἀγῶνας στίβου ὁ Ἰταλὸς Ἀθλητὴς ἀνεδείχθη νικητὴς εἰς τὰ 100 μέτρα.

ΒΕΛΙΓΡΑΔΙ 22 — Κατὰ τοὺς διεξαχθέντας ἐνταῦθα διεθνεῖς ἀγῶνας στίβου ὁ Ἰταλὸς Ἀθλητὴς ἀνεδείχθη νικητὴς εἰς τὰ 100 μέτρα.

ΟΥΓΓΑΡΙΑ — ΑΓΓΛΙΑ 2-0 (0-0)

ΒΕΛΙΓΡΑΔΙ 22 — Κατὰ τοὺς διεξαχθέντας ἐνταῦθα διεθνεῖς ἀγῶνας στίβου ὁ Ἰταλὸς Ἀθλητὴς ἀνεδείχθη νικητὴς εἰς τὰ 100 μέτρα.

ΒΟΥΛΓΑΡΙΑ — ΡΟΥΜΑΝΙΑ 2-0

ΒΕΛΙΓΡΑΔΙ 22 — Κατὰ τοὺς διεξαχθέντας ἐνταῦθα διεθνεῖς ἀγῶνας στίβου ὁ Ἰταλὸς Ἀθλητὴς ἀνεδείχθη νικητὴς εἰς τὰ 100 μέτρα.

Ο ΠΑΠΑΒΑΣΙΛΕΙΟΥ ΕΘΡΙΑΜΒΕΥΣΕ ΕΙΣ ΤΑ 3.000 μ.
ΜΕ ΧΡΟΝΟΝ 8'53"7

Δρόμος 3.000 μέτρων στιπλ: 1) Παπαβασιλείου (Ἑλλάς) 8'53''7, 2) Ἐρμπε (Γαλλία) 9'00.2, 3) Ἀμὲρ (Γαλλία) 9'18''.

Δρόμος 3.000 μέτρων στιπλ: 1) Παπαβασιλείου (Ἑλλάς) 8'53''7, 2) Ἐρμπε (Γαλλία) 9'00.2, 3) Ἀμὲρ (Γαλλία) 9'18''.

ΕΜΑΤΑΙΩΘΗ Ο ΑΓΩΝ ΤΗΣ 29ης ΜΑΪΟΥ

ΜΑΔΡΙΤΗ — Φῆμαι κυκλοφοροῦν ὅτι ὁ Ἰσπανικὸς ἀγὼν ἐματαιώθη.

Ο ΑΓΩΝ ΤΩΝ ΔΗΜΟΤΙΚΩΝ ΣΧΟΛΩΝ

ΜΑΔΡΙΤΗ — Φῆμαι κυκλοφοροῦν ὅτι ὁ Ἰσπανικὸς ἀγὼν ἐματαιώθη.

τὴν προσεχῆ Κυριακὴν 29ην Μαΐου.

τὴν προσεχῆ Κυριακὴν 29ην Μαΐου.

ΑΓΡΙΑ ΣΥΜΠΛΟΚΗ ΠΟΔΟΣΦΑΙΡΙΣΤΩΝ

ΑΘΗΝΑΙ 22 — Πρωτοφανὴς ἐκδήλωσις ἐσημειώθη χθὲς εἰς τὸ γήπεδον τῆς Καλλιθέας.

ΑΘΗΝΑΙ 22 — Πρωτοφανὴς ἐκδήλωσις ἐσημειώθη χθὲς εἰς τὸ γήπεδον τῆς Καλλιθέας.

Ο αὐριανὸς ἀγὼν Πετσοφείου «Ἀδελφείου» — Σαλβαγείου. — Ἡ Ἀρσενικὴ Κλωθὼ εἰς τὸν μέχρι τῆς Κυριακῆς 5 Ἰουνίου ἐναντίον τῆς Μικτῆς Ἑλλήνων. — Οἱ ἀγῶνες τῶν Δημοτικῶν μας Σχολῶν.

Αὔριον ὥραν 6 μ.μ. εἰς τὸ Στάδιον ΕΑΟ Ἱερομονίας θὰ διεξαχθῇ ὁ πρῶτος ἀγὼν τοῦ πρωταθλήματος.

Αὔριον ὥραν 6 μ.μ. εἰς τὸ Στάδιον ΕΑΟ Ἱερομονίας θὰ διεξαχθῇ ὁ πρῶτος ἀγὼν τοῦ πρωταθλήματος.

ΑΒΕΡΩΦΕΙΟΝ ΓΥΜΝΑΣΙΟΝ

Αὔριον ὥραν 6 μ.μ. εἰς τὸ Στάδιον ΕΑΟ Ἱερομονίας θὰ διεξαχθῇ ὁ πρῶτος ἀγὼν τοῦ πρωταθλήματος.

Αὔριον ὥραν 6 μ.μ. εἰς τὸ Στάδιον ΕΑΟ Ἱερομονίας θὰ διεξαχθῇ ὁ πρῶτος ἀγὼν τοῦ πρωταθλήματος.

ἡ Ἀρσενικὴ Κλωθὼ θὰ ἀντιμετωπίσῃ τὴν μικτὴν ὁμάδα.

Η ΑΡΣΕΝΙΑ ΣΤΗΝ ΑΛΕΞΑΝΔΡΕΙΑ

ἡ Ἀρσενικὴ Κλωθὼ θὰ ἀντιμετωπίσῃ τὴν μικτὴν ὁμάδα.

ἡ Ἀρσενικὴ Κλωθὼ θὰ ἀντιμετωπίσῃ τὴν μικτὴν ὁμάδα.

ΣΧΟΛΙΚΟΙ ΑΓΩΝΕΣ

ἡ Ἀρσενικὴ Κλωθὼ θὰ ἀντιμετωπίσῃ τὴν μικτὴν ὁμάδα.

ΤΟΥΡΕ
